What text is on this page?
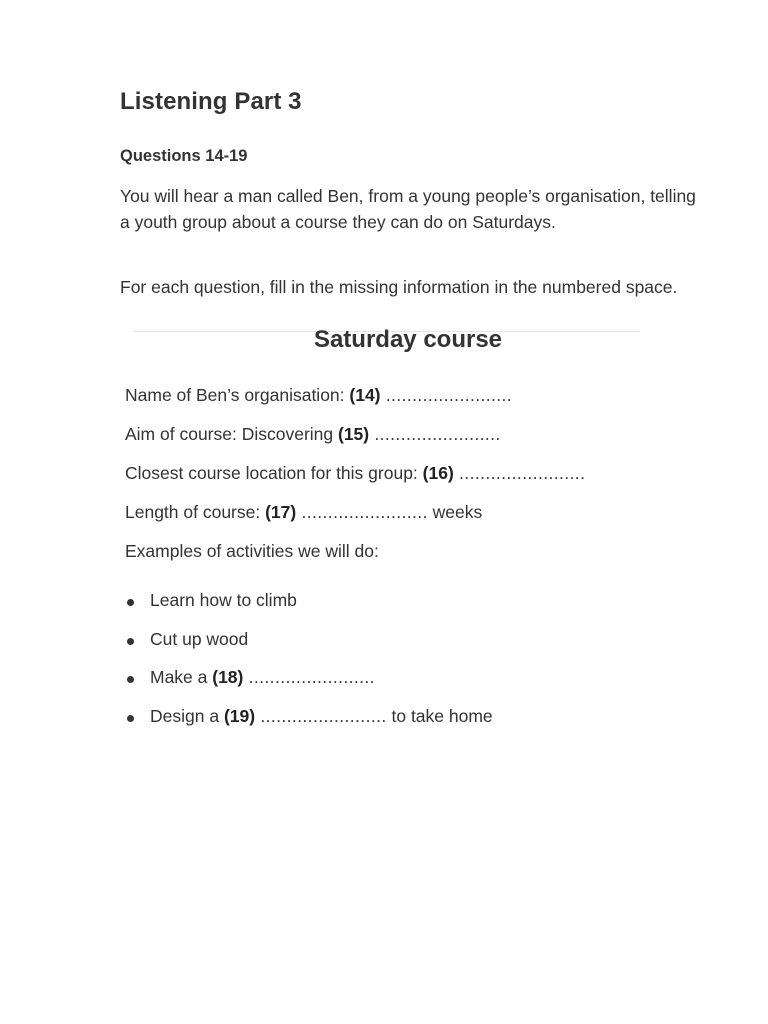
Listening Part 3
Questions 14-19

You will hear a man called Ben, from a young people’s organisation, telling a youth group about a course they can do on Saturdays.

For each question, fill in the missing information in the numbered space.

Saturday course

Name of Ben’s organisation: (14) ........................

Aim of course: Discovering (15) ........................

Closest course location for this group: (16) ........................

Length of course: (17) ........................ weeks

Examples of activities we will do:

Learn how to climb
Cut up wood
Make a (18) ........................
Design a (19) ........................ to take home
